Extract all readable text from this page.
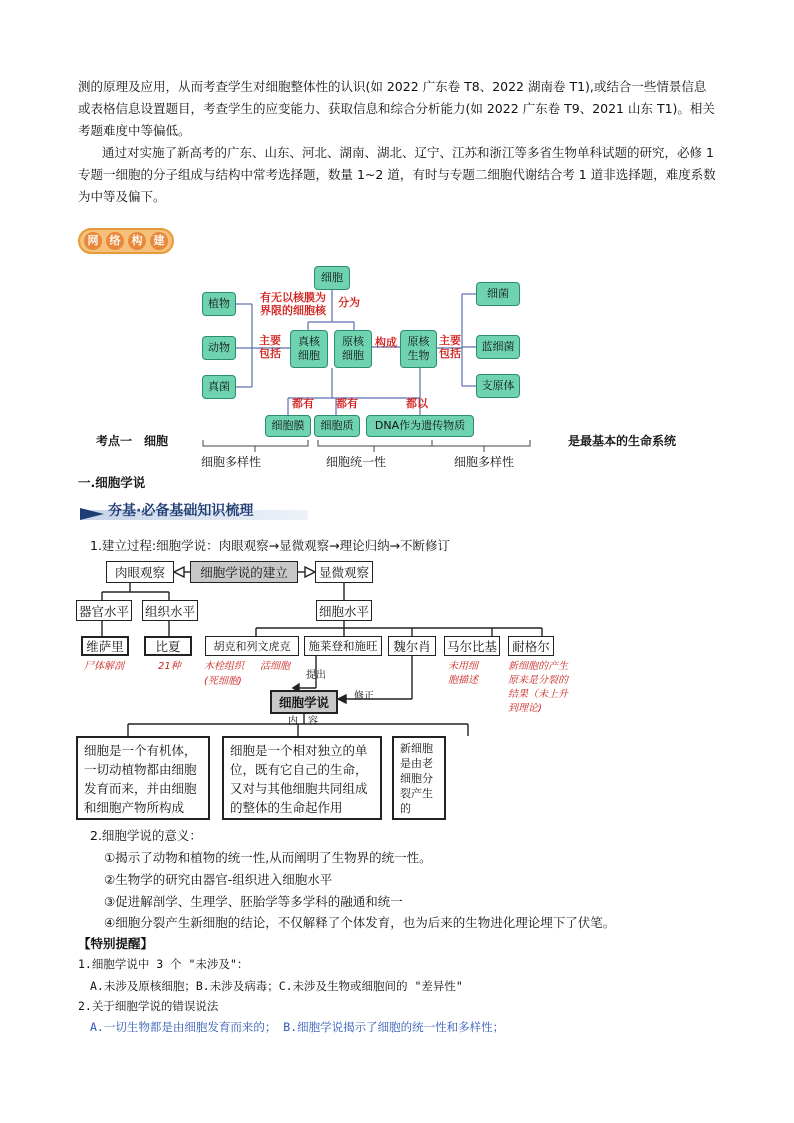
测的原理及应用，从而考查学生对细胞整体性的认识(如 2022 广东卷 T8、2022 湖南卷 T1),或结合一些情景信息或表格信息设置题目，考查学生的应变能力、获取信息和综合分析能力(如 2022 广东卷 T9、2021 山东 T1)。相关考题难度中等偏低。

通过对实施了新高考的广东、山东、河北、湖南、湖北、辽宁、江苏和浙江等多省生物单科试题的研究，必修 1 专题一细胞的分子组成与结构中常考选择题，数量 1~2 道，有时与专题二细胞代谢结合考 1 道非选择题，难度系数为中等及偏下。

网	络	构	建
细胞
植物
动物
真菌
真核
细胞
原核
细胞
原核
生物
细菌
蓝细菌
支原体
细胞膜	细胞质	DNA作为遗传物质
有无以核膜为
界限的细胞核
分为
构成
主要
包括
主要
包括
都有 都有	都以
考点一　细胞	是最基本的生命系统
细胞多样性	细胞统一性	细胞多样性
一.细胞学说
夯基·必备基础知识梳理
1.建立过程:细胞学说：肉眼观察→显微观察→理论归纳→不断修订
肉眼观察	细胞学说的建立	显微观察
器官水平 组织水平	细胞水平
维萨里	比夏	胡克和列文虎克	施莱登和施旺	魏尔肖	马尔比基	耐格尔
尸体解剖	21种 木栓组织 活细胞
(死细胞)
未用细
胞描述
新细胞的产生
原来是分裂的
结果（未上升
到理论)
提出
修正
细胞学说
内　容
细胞是一个有机体，一切动植物都由细胞发育而来，并由细胞和细胞产物所构成
细胞是一个相对独立的单位，既有它自己的生命，又对与其他细胞共同组成的整体的生命起作用
新细胞是由老细胞分裂产生的
2.细胞学说的意义：

①揭示了动物和植物的统一性,从而阐明了生物界的统一性。

②生物学的研究由器官-组织进入细胞水平

③促进解剖学、生理学、胚胎学等多学科的融通和统一

④细胞分裂产生新细胞的结论，不仅解释了个体发育，也为后来的生物进化理论埋下了伏笔。

【特别提醒】

1.细胞学说中 3 个 "未涉及"：

A.未涉及原核细胞；B.未涉及病毒；C.未涉及生物或细胞间的 "差异性"

2.关于细胞学说的错误说法

A.一切生物都是由细胞发育而来的； B.细胞学说揭示了细胞的统一性和多样性；
